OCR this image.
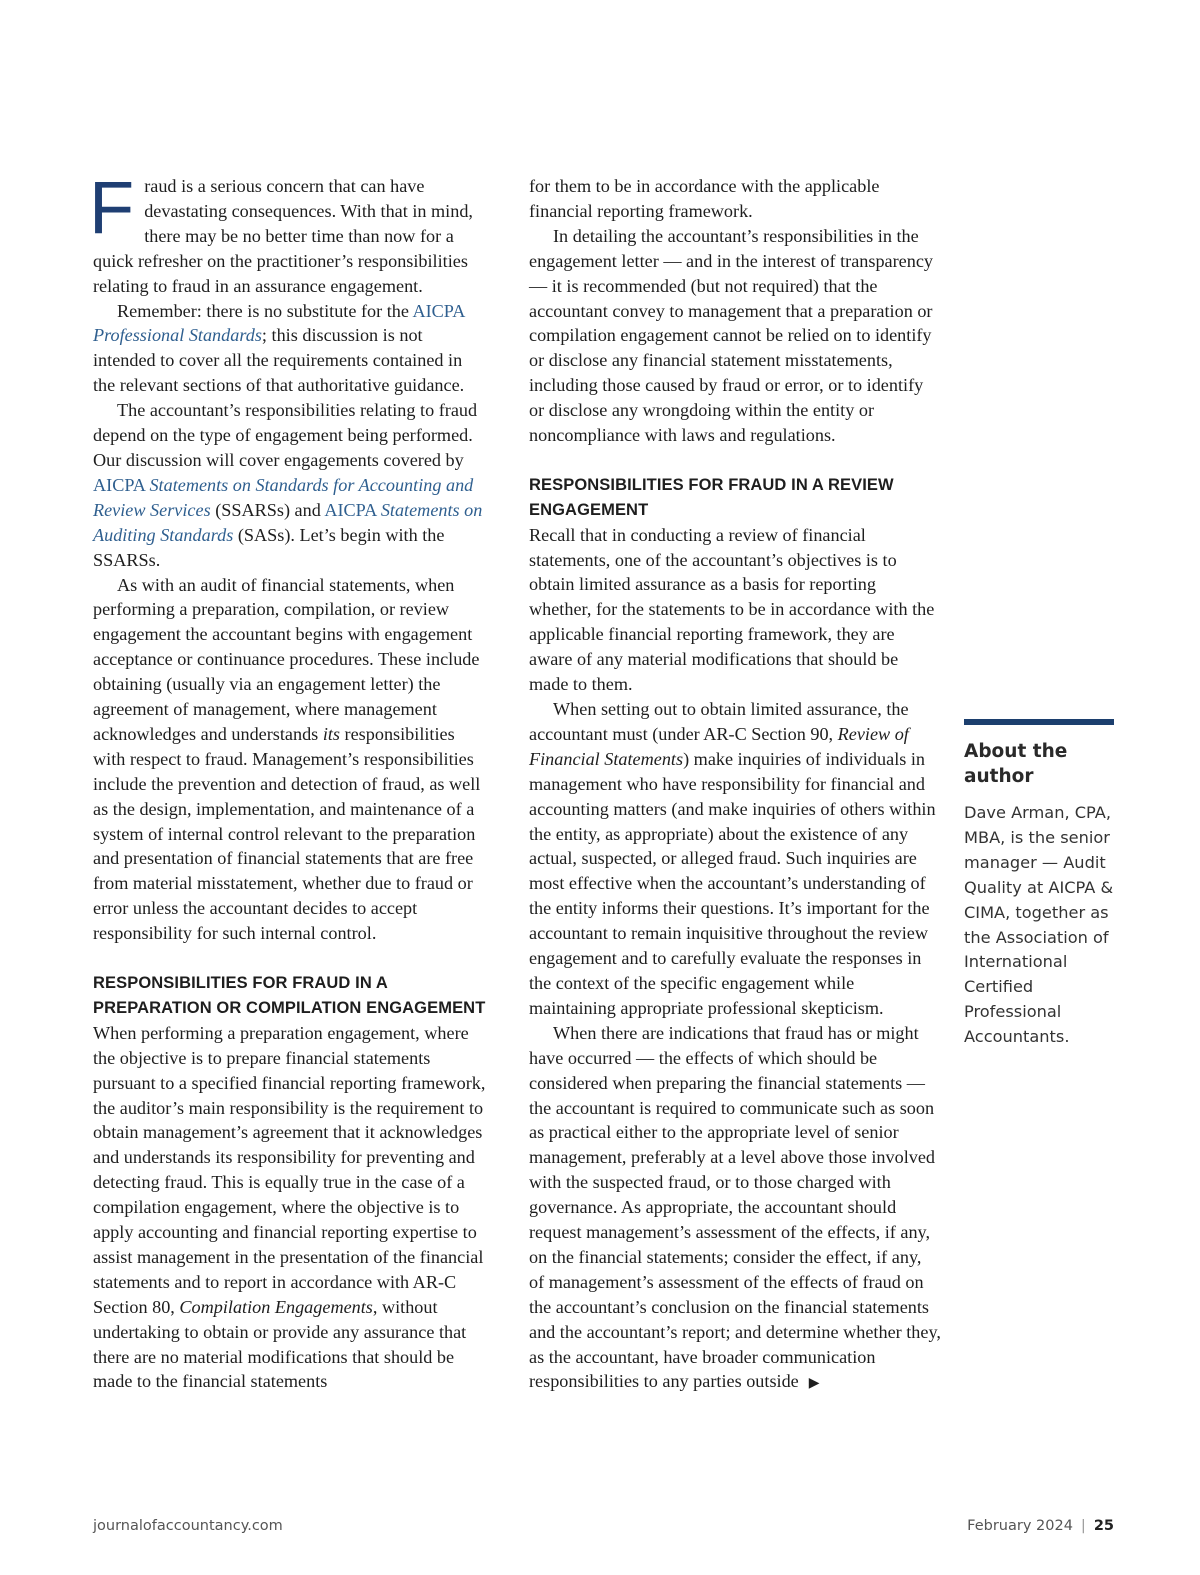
Fraud is a serious concern that can have devastating consequences. With that in mind, there may be no better time than now for a quick refresher on the practitioner’s responsibilities relating to fraud in an assurance engagement.

Remember: there is no substitute for the AICPA Professional Standards; this discussion is not intended to cover all the requirements contained in the relevant sections of that authoritative guidance.

The accountant’s responsibilities relating to fraud depend on the type of engagement being performed. Our discussion will cover engagements covered by AICPA Statements on Standards for Accounting and Review Services (SSARSs) and AICPA Statements on Auditing Standards (SASs). Let’s begin with the SSARSs.

As with an audit of financial statements, when performing a preparation, compilation, or review engagement the accountant begins with engagement acceptance or continuance procedures. These include obtaining (usually via an engagement letter) the agreement of management, where management acknowledges and understands its responsibilities with respect to fraud. Management’s responsibilities include the prevention and detection of fraud, as well as the design, implementation, and maintenance of a system of internal control relevant to the preparation and presentation of financial statements that are free from material misstatement, whether due to fraud or error unless the accountant decides to accept responsibility for such internal control.

RESPONSIBILITIES FOR FRAUD IN A PREPARATION OR COMPILATION ENGAGEMENT

When performing a preparation engagement, where the objective is to prepare financial statements pursuant to a specified financial reporting framework, the auditor’s main responsibility is the requirement to obtain management’s agreement that it acknowledges and understands its responsibility for preventing and detecting fraud. This is equally true in the case of a compilation engagement, where the objective is to apply accounting and financial reporting expertise to assist management in the presentation of the financial statements and to report in accordance with AR-C Section 80, Compilation Engagements, without undertaking to obtain or provide any assurance that there are no material modifications that should be made to the financial statements

for them to be in accordance with the applicable financial reporting framework.

In detailing the accountant’s responsibilities in the engagement letter — and in the interest of transparency — it is recommended (but not required) that the accountant convey to management that a preparation or compilation engagement cannot be relied on to identify or disclose any financial statement misstatements, including those caused by fraud or error, or to identify or disclose any wrongdoing within the entity or noncompliance with laws and regulations.

RESPONSIBILITIES FOR FRAUD IN A REVIEW ENGAGEMENT

Recall that in conducting a review of financial statements, one of the accountant’s objectives is to obtain limited assurance as a basis for reporting whether, for the statements to be in accordance with the applicable financial reporting framework, they are aware of any material modifications that should be made to them.

When setting out to obtain limited assurance, the accountant must (under AR-C Section 90, Review of Financial Statements) make inquiries of individuals in management who have responsibility for financial and accounting matters (and make inquiries of others within the entity, as appropriate) about the existence of any actual, suspected, or alleged fraud. Such inquiries are most effective when the accountant’s understanding of the entity informs their questions. It’s important for the accountant to remain inquisitive throughout the review engagement and to carefully evaluate the responses in the context of the specific engagement while maintaining appropriate professional skepticism.

When there are indications that fraud has or might have occurred — the effects of which should be considered when preparing the financial statements — the accountant is required to communicate such as soon as practical either to the appropriate level of senior management, preferably at a level above those involved with the suspected fraud, or to those charged with governance. As appropriate, the accountant should request management’s assessment of the effects, if any, on the financial statements; consider the effect, if any, of management’s assessment of the effects of fraud on the accountant’s conclusion on the financial statements and the accountant’s report; and determine whether they, as the accountant, have broader communication responsibilities to any parties outside ▶

About the author
Dave Arman, CPA, MBA, is the senior manager — Audit Quality at AICPA & CIMA, together as the Association of International Certified Professional Accountants.
journalofaccountancy.com	February 2024 | 25
